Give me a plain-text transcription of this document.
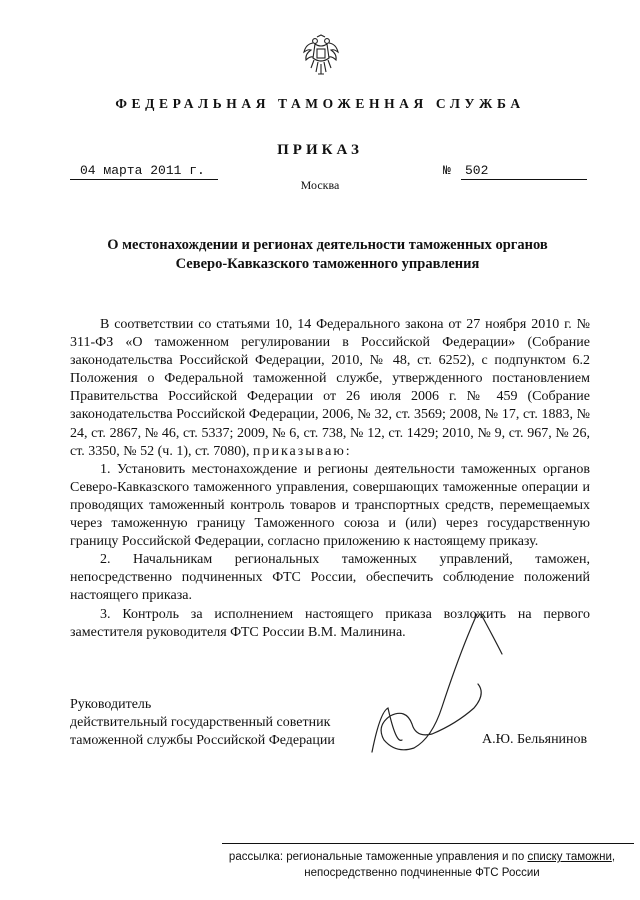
ФЕДЕРАЛЬНАЯ ТАМОЖЕННАЯ СЛУЖБА
ПРИКАЗ
04 марта 2011 г.	№	502
Москва
О местонахождении и регионах деятельности таможенных органов
Северо-Кавказского таможенного управления

В соответствии со статьями 10, 14 Федерального закона от 27 ноября 2010 г. № 311-ФЗ «О таможенном регулировании в Российской Федерации» (Собрание законодательства Российской Федерации, 2010, № 48, ст. 6252), с подпунктом 6.2 Положения о Федеральной таможенной службе, утвержденного постановлением Правительства Российской Федерации от 26 июля 2006 г. № 459 (Собрание законодательства Российской Федерации, 2006, № 32, ст. 3569; 2008, № 17, ст. 1883, № 24, ст. 2867, № 46, ст. 5337; 2009, № 6, ст. 738, № 12, ст. 1429; 2010, № 9, ст. 967, № 26, ст. 3350, № 52 (ч. 1), ст. 7080), приказываю:

1. Установить местонахождение и регионы деятельности таможенных органов Северо-Кавказского таможенного управления, совершающих таможенные операции и проводящих таможенный контроль товаров и транспортных средств, перемещаемых через таможенную границу Таможенного союза и (или) через государственную границу Российской Федерации, согласно приложению к настоящему приказу.

2. Начальникам региональных таможенных управлений, таможен, непосредственно подчиненных ФТС России, обеспечить соблюдение положений настоящего приказа.

3. Контроль за исполнением настоящего приказа возложить на первого заместителя руководителя ФТС России В.М. Малинина.

Руководитель
действительный государственный советник
таможенной службы Российской Федерации	А.Ю. Бельянинов
рассылка: региональные таможенные управления и по списку таможни,
непосредственно подчиненные ФТС России
